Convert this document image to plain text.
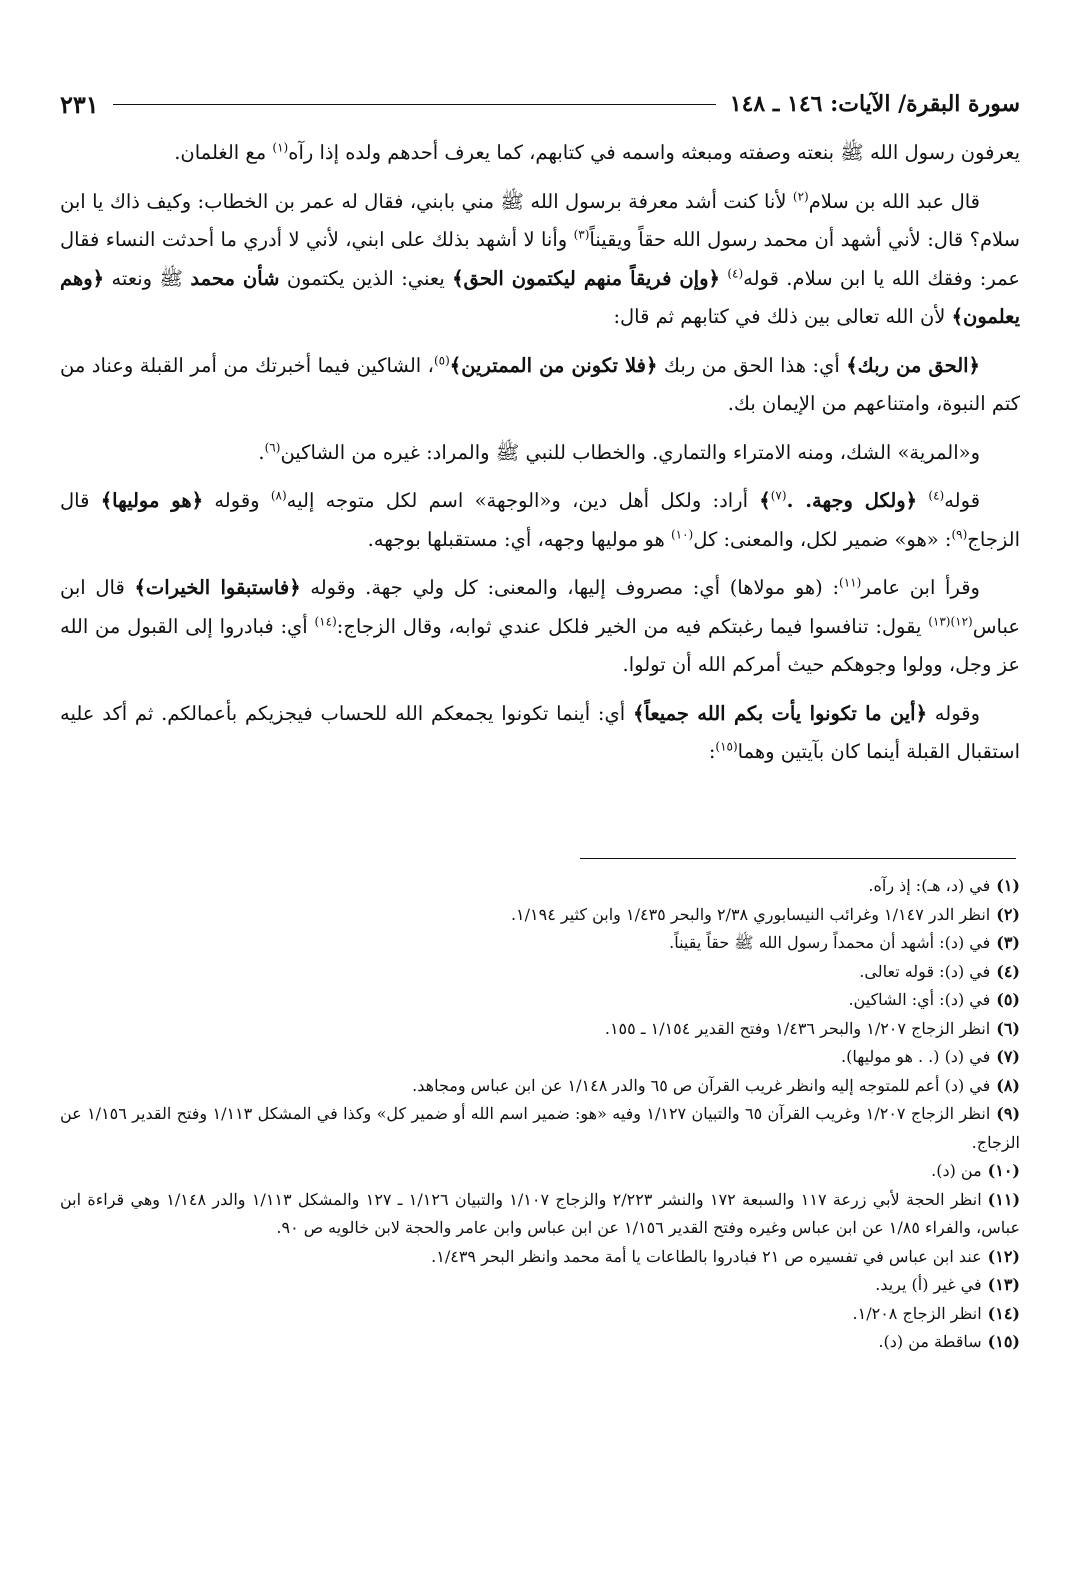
سورة البقرة/ الآيات: ١٤٦ ـ ١٤٨
٢٣١

يعرفون رسول الله ﷺ بنعته وصفته ومبعثه واسمه في كتابهم، كما يعرف أحدهم ولده إذا رآه$^{(١)}$ مع الغلمان.

قال عبد الله بن سلام$^{(٢)}$ لأنا كنت أشد معرفة برسول الله ﷺ مني بابني، فقال له عمر بن الخطاب: وكيف ذاك يا ابن سلام؟ قال: لأني أشهد أن محمد رسول الله حقاً ويقيناً$^{(٣)}$ وأنا لا أشهد بذلك على ابني، لأني لا أدري ما أحدثت النساء فقال عمر: وفقك الله يا ابن سلام. قوله$^{(٤)}$ ﴿وإن فريقاً منهم ليكتمون الحق﴾ يعني: الذين يكتمون شأن محمد ﷺ ونعته ﴿وهم يعلمون﴾ لأن الله تعالى بين ذلك في كتابهم ثم قال:

﴿الحق من ربك﴾ أي: هذا الحق من ربك ﴿فلا تكونن من الممترين﴾$^{(٥)}$، الشاكين فيما أخبرتك من أمر القبلة وعناد من كتم النبوة، وامتناعهم من الإيمان بك.

و«المرية» الشك، ومنه الامتراء والتماري. والخطاب للنبي ﷺ والمراد: غيره من الشاكين$^{(٦)}$.

قوله$^{(٤)}$ ﴿ولكل وجهة. .$^{(٧)}$﴾ أراد: ولكل أهل دين، و«الوجهة» اسم لكل متوجه إليه$^{(٨)}$ وقوله ﴿هو موليها﴾ قال الزجاج$^{(٩)}$: «هو» ضمير لكل، والمعنى: كل$^{(١٠)}$ هو موليها وجهه، أي: مستقبلها بوجهه.

وقرأ ابن عامر$^{(١١)}$: (هو مولاها) أي: مصروف إليها، والمعنى: كل ولي جهة. وقوله ﴿فاستبقوا الخيرات﴾ قال ابن عباس$^{(١٢)(١٣)}$ يقول: تنافسوا فيما رغبتكم فيه من الخير فلكل عندي ثوابه، وقال الزجاج:$^{(١٤)}$ أي: فبادروا إلى القبول من الله عز وجل، وولوا وجوهكم حيث أمركم الله أن تولوا.

وقوله ﴿أين ما تكونوا يأت بكم الله جميعاً﴾ أي: أينما تكونوا يجمعكم الله للحساب فيجزيكم بأعمالكم. ثم أكد عليه استقبال القبلة أينما كان بآيتين وهما$^{(١٥)}$:

(١)في (د، هـ): إذ رآه.
(٢)انظر الدر ١/١٤٧ وغرائب النيسابوري ٢/٣٨ والبحر ١/٤٣٥ وابن كثير ١/١٩٤.
(٣)في (د): أشهد أن محمداً رسول الله ﷺ حقاً يقيناً.
(٤)في (د): قوله تعالى.
(٥)في (د): أي: الشاكين.
(٦)انظر الزجاج ١/٢٠٧ والبحر ١/٤٣٦ وفتح القدير ١/١٥٤ ـ ١٥٥.
(٧)في (د) (. . هو موليها).
(٨)في (د) أعم للمتوجه إليه وانظر غريب القرآن ص ٦٥ والدر ١/١٤٨ عن ابن عباس ومجاهد.
(٩)انظر الزجاج ١/٢٠٧ وغريب القرآن ٦٥ والتبيان ١/١٢٧ وفيه «هو: ضمير اسم الله أو ضمير كل» وكذا في المشكل ١/١١٣ وفتح القدير ١/١٥٦ عن الزجاج.
(١٠)من (د).
(١١)انظر الحجة لأبي زرعة ١١٧ والسبعة ١٧٢ والنشر ٢/٢٢٣ والزجاج ١/١٠٧ والتبيان ١/١٢٦ ـ ١٢٧ والمشكل ١/١١٣ والدر ١/١٤٨ وهي قراءة ابن عباس، والفراء ١/٨٥ عن ابن عباس وغيره وفتح القدير ١/١٥٦ عن ابن عباس وابن عامر والحجة لابن خالويه ص ٩٠.
(١٢)عند ابن عباس في تفسيره ص ٢١ فبادروا بالطاعات يا أمة محمد وانظر البحر ١/٤٣٩.
(١٣)في غير (أ) يريد.
(١٤)انظر الزجاج ١/٢٠٨.
(١٥)ساقطة من (د).
